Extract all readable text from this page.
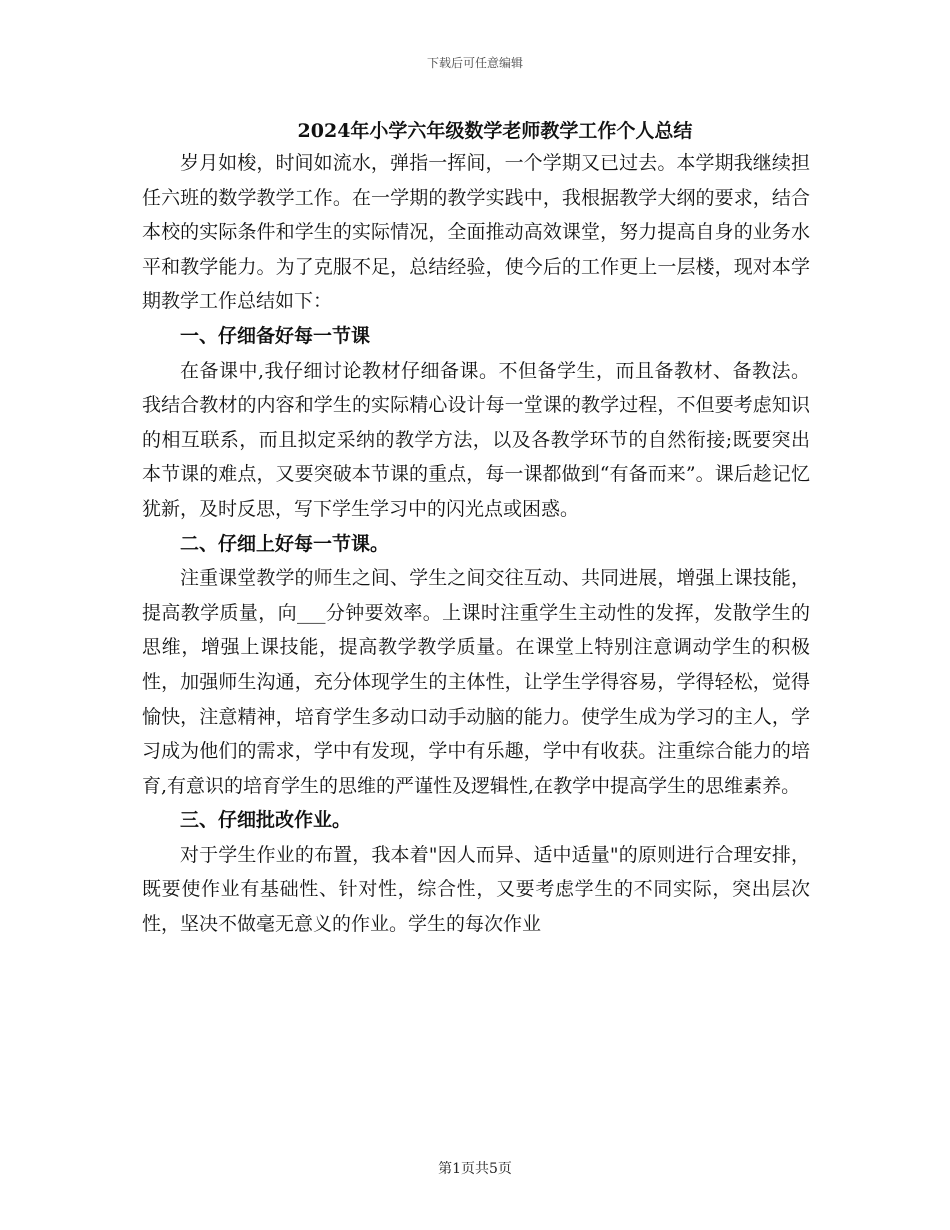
下载后可任意编辑
2024年小学六年级数学老师教学工作个人总结

岁月如梭，时间如流水，弹指一挥间，一个学期又已过去。本学期我继续担任六班的数学教学工作。在一学期的教学实践中，我根据教学大纲的要求，结合本校的实际条件和学生的实际情况，全面推动高效课堂，努力提高自身的业务水平和教学能力。为了克服不足，总结经验，使今后的工作更上一层楼，现对本学期教学工作总结如下：

一、仔细备好每一节课

在备课中,我仔细讨论教材仔细备课。不但备学生，而且备教材、备教法。我结合教材的内容和学生的实际精心设计每一堂课的教学过程，不但要考虑知识的相互联系，而且拟定采纳的教学方法，以及各教学环节的自然衔接;既要突出本节课的难点，又要突破本节课的重点，每一课都做到“有备而来”。课后趁记忆犹新，及时反思，写下学生学习中的闪光点或困惑。

二、仔细上好每一节课。

注重课堂教学的师生之间、学生之间交往互动、共同进展，增强上课技能，提高教学质量，向___分钟要效率。上课时注重学生主动性的发挥，发散学生的思维，增强上课技能，提高教学教学质量。在课堂上特别注意调动学生的积极性，加强师生沟通，充分体现学生的主体性，让学生学得容易，学得轻松，觉得愉快，注意精神，培育学生多动口动手动脑的能力。使学生成为学习的主人，学习成为他们的需求，学中有发现，学中有乐趣，学中有收获。注重综合能力的培育,有意识的培育学生的思维的严谨性及逻辑性,在教学中提高学生的思维素养。

三、仔细批改作业。

对于学生作业的布置，我本着"因人而异、适中适量"的原则进行合理安排，既要使作业有基础性、针对性，综合性，又要考虑学生的不同实际，突出层次性，坚决不做毫无意义的作业。学生的每次作业

第1页共5页
